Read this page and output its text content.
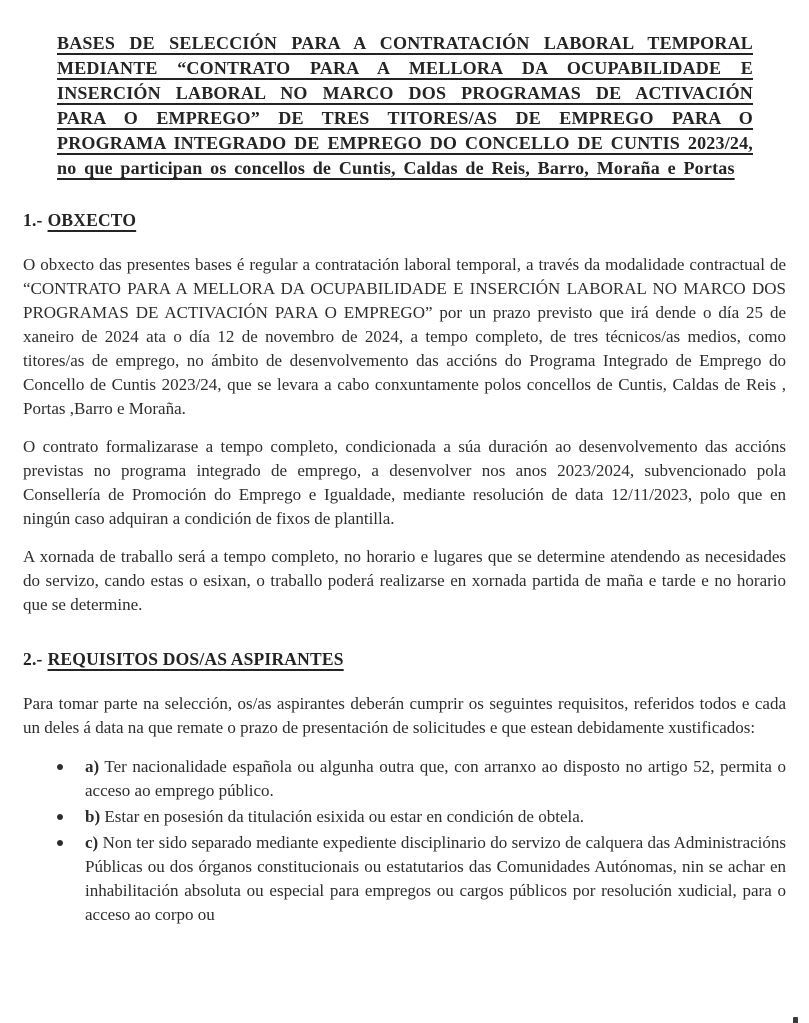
BASES DE SELECCIÓN PARA A CONTRATACIÓN LABORAL TEMPORAL MEDIANTE “CONTRATO PARA A MELLORA DA OCUPABILIDADE E INSERCIÓN LABORAL NO MARCO DOS PROGRAMAS DE ACTIVACIÓN PARA O EMPREGO” DE TRES TITORES/AS DE EMPREGO PARA O PROGRAMA INTEGRADO DE EMPREGO DO CONCELLO DE CUNTIS 2023/24, no que participan os concellos de Cuntis, Caldas de Reis, Barro, Moraña e Portas
1.- OBXECTO

O obxecto das presentes bases é regular a contratación laboral temporal, a través da modalidade contractual de “CONTRATO PARA A MELLORA DA OCUPABILIDADE E INSERCIÓN LABORAL NO MARCO DOS PROGRAMAS DE ACTIVACIÓN PARA O EMPREGO” por un prazo previsto que irá dende o día 25 de xaneiro de 2024 ata o día 12 de novembro de 2024, a tempo completo, de tres técnicos/as medios, como titores/as de emprego, no ámbito de desenvolvemento das accións do Programa Integrado de Emprego do Concello de Cuntis 2023/24, que se levara a cabo conxuntamente polos concellos de Cuntis, Caldas de Reis , Portas ,Barro e Moraña.

O contrato formalizarase a tempo completo, condicionada a súa duración ao desenvolvemento das accións previstas no programa integrado de emprego, a desenvolver nos anos 2023/2024, subvencionado pola Consellería de Promoción do Emprego e Igualdade, mediante resolución de data 12/11/2023, polo que en ningún caso adquiran a condición de fixos de plantilla.

A xornada de traballo será a tempo completo, no horario e lugares que se determine atendendo as necesidades do servizo, cando estas o esixan, o traballo poderá realizarse en xornada partida de maña e tarde e no horario que se determine.

2.- REQUISITOS DOS/AS ASPIRANTES

Para tomar parte na selección, os/as aspirantes deberán cumprir os seguintes requisitos, referidos todos e cada un deles á data na que remate o prazo de presentación de solicitudes e que estean debidamente xustificados:

a) Ter nacionalidade española ou algunha outra que, con arranxo ao disposto no artigo 52, permita o acceso ao emprego público.
b) Estar en posesión da titulación esixida ou estar en condición de obtela.
c) Non ter sido separado mediante expediente disciplinario do servizo de calquera das Administracións Públicas ou dos órganos constitucionais ou estatutarios das Comunidades Autónomas, nin se achar en inhabilitación absoluta ou especial para empregos ou cargos públicos por resolución xudicial, para o acceso ao corpo ou
